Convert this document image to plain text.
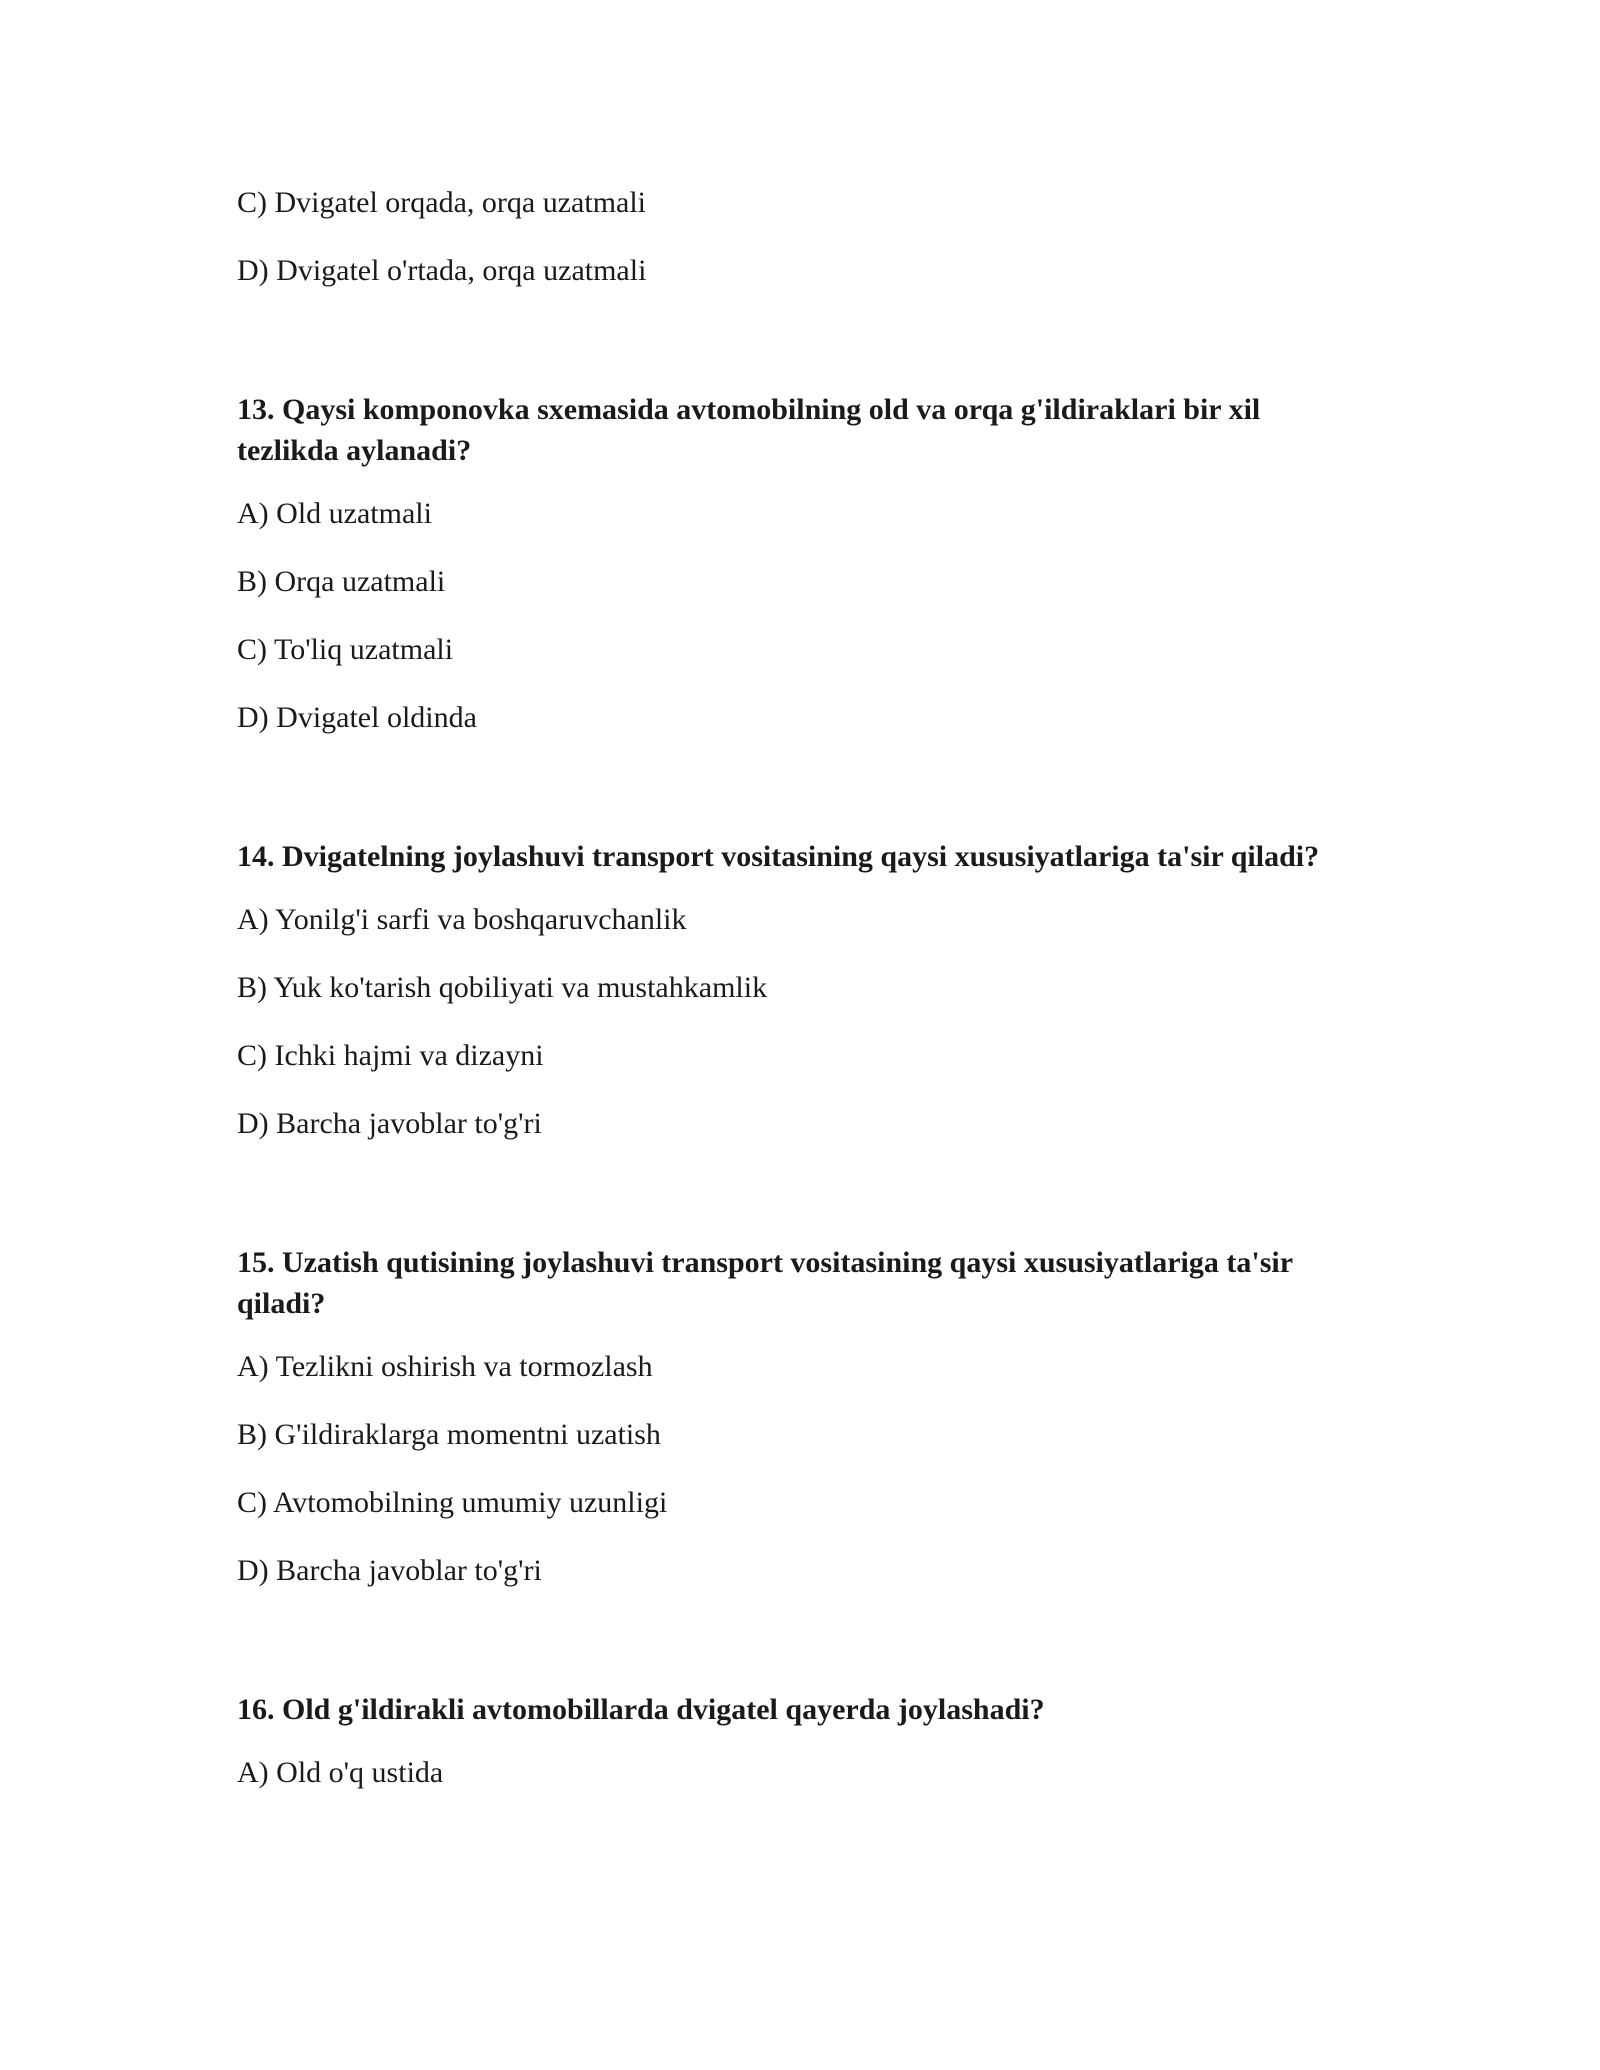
C) Dvigatel orqada, orqa uzatmali
D) Dvigatel o'rtada, orqa uzatmali
13. Qaysi komponovka sxemasida avtomobilning old va orqa g'ildiraklari bir xil tezlikda aylanadi?
A) Old uzatmali
B) Orqa uzatmali
C) To'liq uzatmali
D) Dvigatel oldinda
14. Dvigatelning joylashuvi transport vositasining qaysi xususiyatlariga ta'sir qiladi?
A) Yonilg'i sarfi va boshqaruvchanlik
B) Yuk ko'tarish qobiliyati va mustahkamlik
C) Ichki hajmi va dizayni
D) Barcha javoblar to'g'ri
15. Uzatish qutisining joylashuvi transport vositasining qaysi xususiyatlariga ta'sir qiladi?
A) Tezlikni oshirish va tormozlash
B) G'ildiraklarga momentni uzatish
C) Avtomobilning umumiy uzunligi
D) Barcha javoblar to'g'ri
16. Old g'ildirakli avtomobillarda dvigatel qayerda joylashadi?
A) Old o'q ustida
